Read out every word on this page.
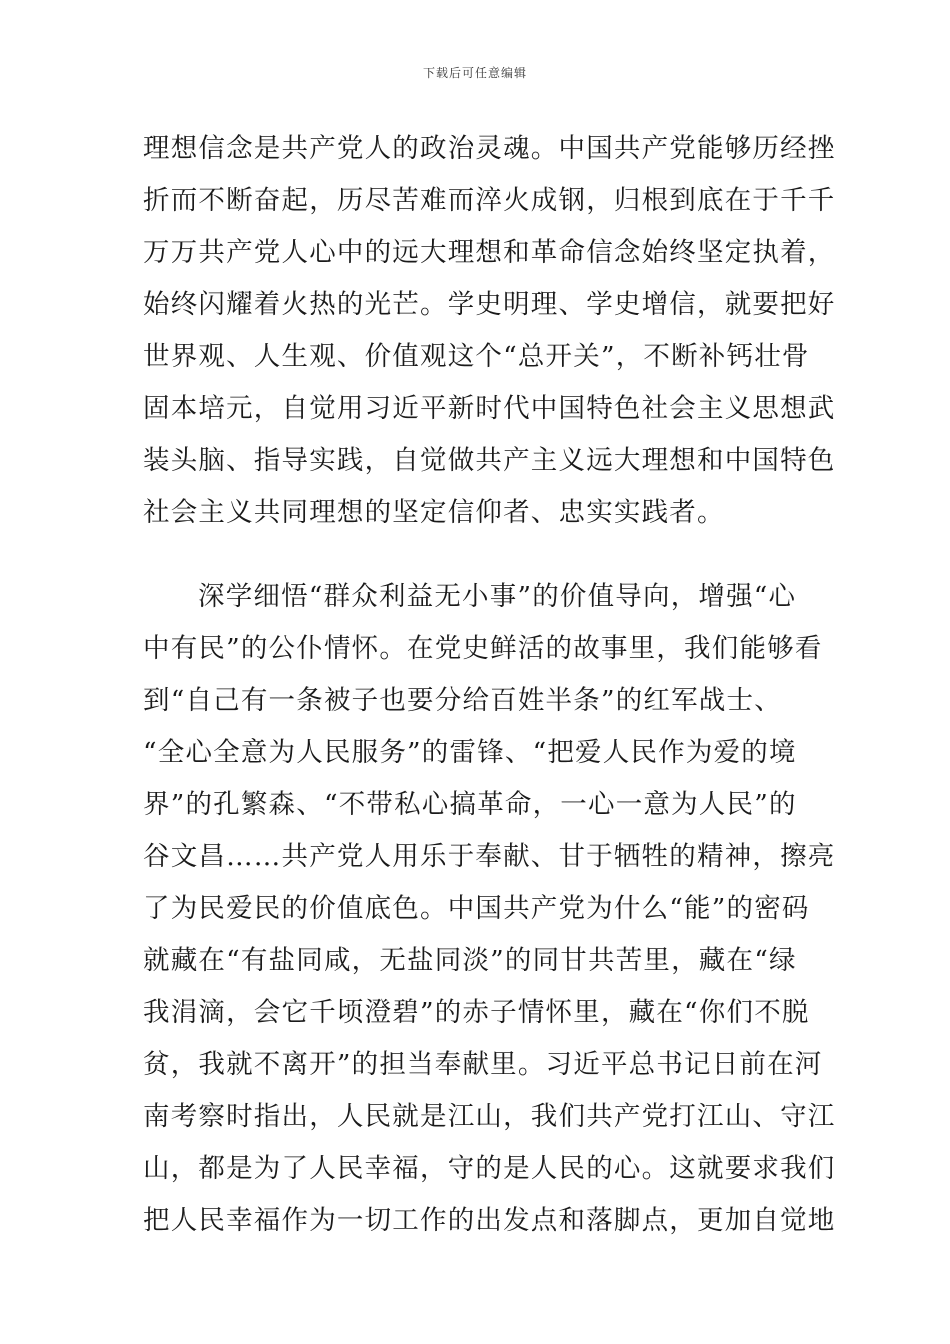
下载后可任意编辑
理想信念是共产党人的政治灵魂。中国共产党能够历经挫
折而不断奋起，历尽苦难而淬火成钢，归根到底在于千千
万万共产党人心中的远大理想和革命信念始终坚定执着，
始终闪耀着火热的光芒。学史明理、学史增信，就要把好
世界观、人生观、价值观这个“总开关”，不断补钙壮骨
固本培元，自觉用习近平新时代中国特色社会主义思想武
装头脑、指导实践，自觉做共产主义远大理想和中国特色
社会主义共同理想的坚定信仰者、忠实实践者。
深学细悟“群众利益无小事”的价值导向，增强“心
中有民”的公仆情怀。在党史鲜活的故事里，我们能够看
到“自己有一条被子也要分给百姓半条”的红军战士、
“全心全意为人民服务”的雷锋、“把爱人民作为爱的境
界”的孔繁森、“不带私心搞革命，一心一意为人民”的
谷文昌……共产党人用乐于奉献、甘于牺牲的精神，擦亮
了为民爱民的价值底色。中国共产党为什么“能”的密码
就藏在“有盐同咸，无盐同淡”的同甘共苦里，藏在“绿
我涓滴，会它千顷澄碧”的赤子情怀里，藏在“你们不脱
贫，我就不离开”的担当奉献里。习近平总书记日前在河
南考察时指出，人民就是江山，我们共产党打江山、守江
山，都是为了人民幸福，守的是人民的心。这就要求我们
把人民幸福作为一切工作的出发点和落脚点，更加自觉地
